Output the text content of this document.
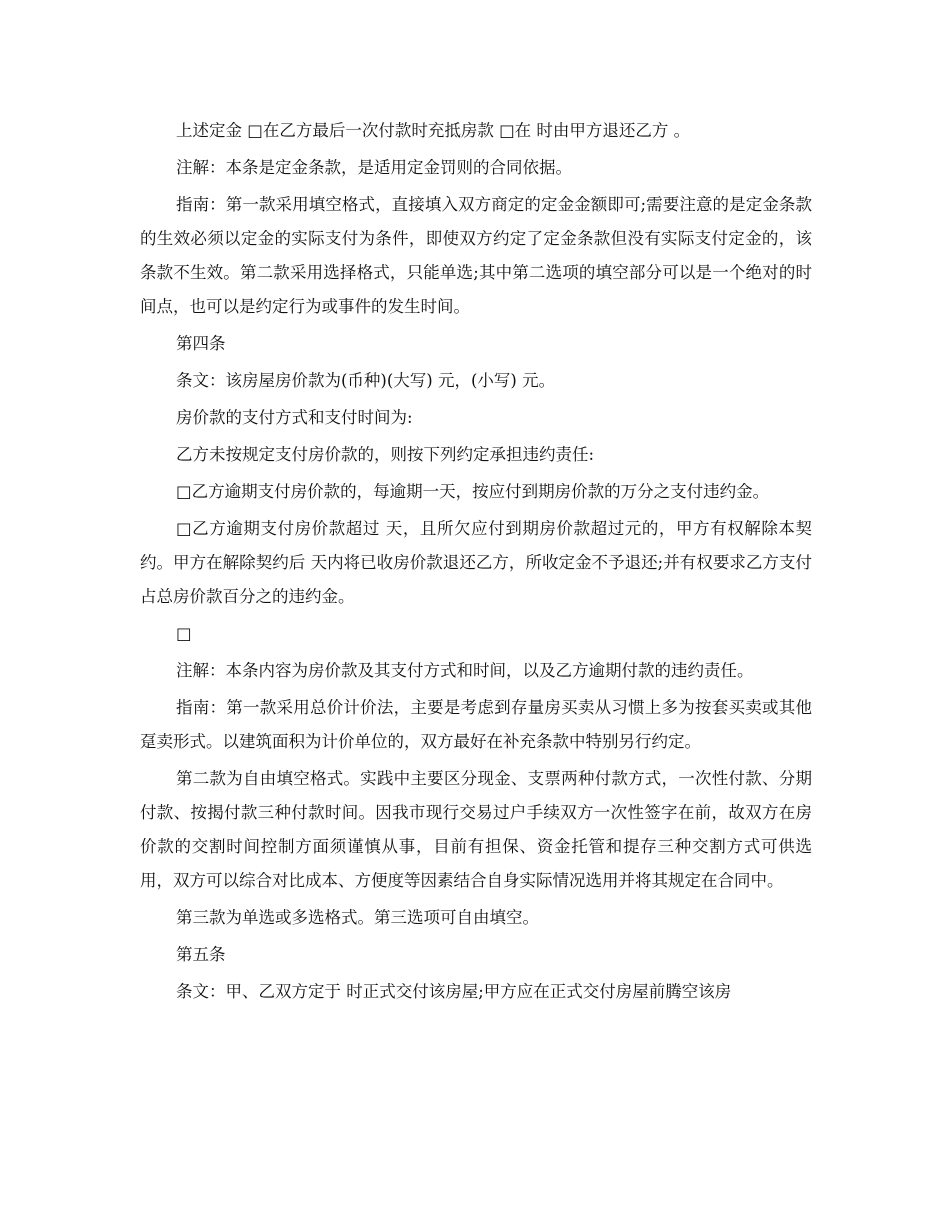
上述定金 □在乙方最后一次付款时充抵房款 □在 时由甲方退还乙方 。

注解：本条是定金条款，是适用定金罚则的合同依据。

指南：第一款采用填空格式，直接填入双方商定的定金金额即可;需要注意的是定金条款的生效必须以定金的实际支付为条件，即使双方约定了定金条款但没有实际支付定金的，该条款不生效。第二款采用选择格式，只能单选;其中第二选项的填空部分可以是一个绝对的时间点，也可以是约定行为或事件的发生时间。

第四条

条文：该房屋房价款为(币种)(大写) 元，(小写) 元。

房价款的支付方式和支付时间为:

乙方未按规定支付房价款的，则按下列约定承担违约责任:

□乙方逾期支付房价款的，每逾期一天，按应付到期房价款的万分之支付违约金。

□乙方逾期支付房价款超过 天，且所欠应付到期房价款超过元的，甲方有权解除本契约。甲方在解除契约后 天内将已收房价款退还乙方，所收定金不予退还;并有权要求乙方支付占总房价款百分之的违约金。

□

注解：本条内容为房价款及其支付方式和时间，以及乙方逾期付款的违约责任。

指南：第一款采用总价计价法，主要是考虑到存量房买卖从习惯上多为按套买卖或其他趸卖形式。以建筑面积为计价单位的，双方最好在补充条款中特别另行约定。

第二款为自由填空格式。实践中主要区分现金、支票两种付款方式，一次性付款、分期付款、按揭付款三种付款时间。因我市现行交易过户手续双方一次性签字在前，故双方在房价款的交割时间控制方面须谨慎从事，目前有担保、资金托管和提存三种交割方式可供选用，双方可以综合对比成本、方便度等因素结合自身实际情况选用并将其规定在合同中。

第三款为单选或多选格式。第三选项可自由填空。

第五条

条文：甲、乙双方定于 时正式交付该房屋;甲方应在正式交付房屋前腾空该房
